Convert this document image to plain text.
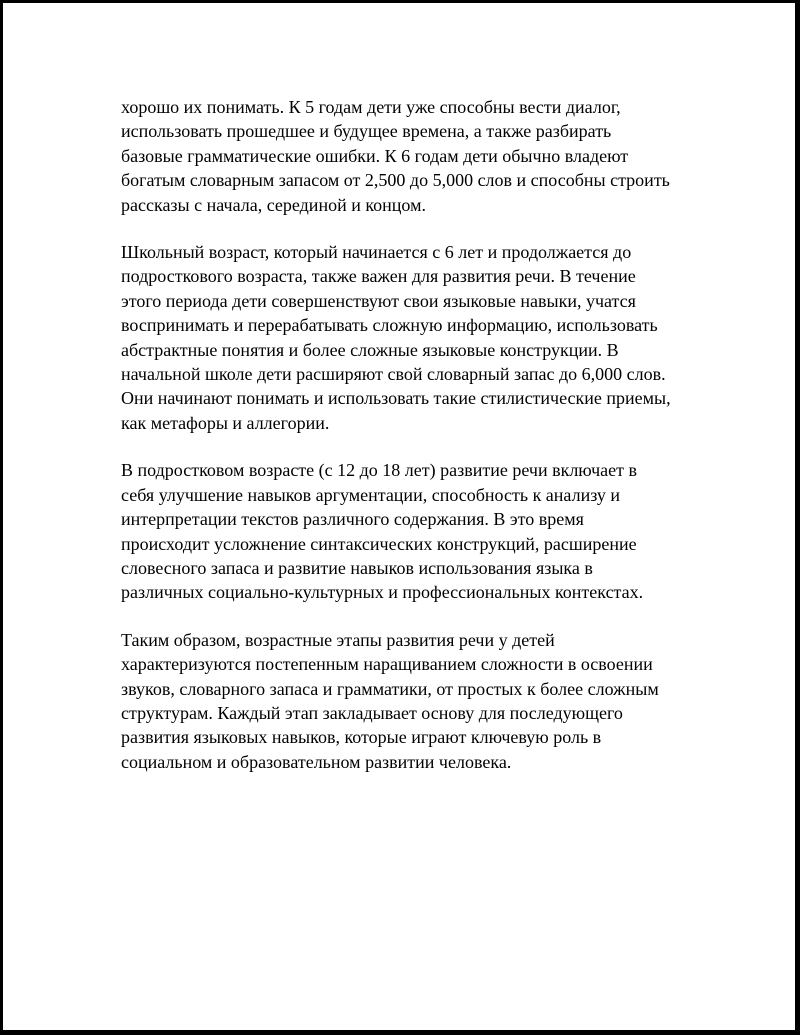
хорошо их понимать. К 5 годам дети уже способны вести диалог,
использовать прошедшее и будущее времена, а также разбирать
базовые грамматические ошибки. К 6 годам дети обычно владеют
богатым словарным запасом от 2,500 до 5,000 слов и способны строить
рассказы с начала, серединой и концом.

Школьный возраст, который начинается с 6 лет и продолжается до
подросткового возраста, также важен для развития речи. В течение
этого периода дети совершенствуют свои языковые навыки, учатся
воспринимать и перерабатывать сложную информацию, использовать
абстрактные понятия и более сложные языковые конструкции. В
начальной школе дети расширяют свой словарный запас до 6,000 слов.
Они начинают понимать и использовать такие стилистические приемы,
как метафоры и аллегории.

В подростковом возрасте (с 12 до 18 лет) развитие речи включает в
себя улучшение навыков аргументации, способность к анализу и
интерпретации текстов различного содержания. В это время
происходит усложнение синтаксических конструкций, расширение
словесного запаса и развитие навыков использования языка в
различных социально-культурных и профессиональных контекстах.

Таким образом, возрастные этапы развития речи у детей
характеризуются постепенным наращиванием сложности в освоении
звуков, словарного запаса и грамматики, от простых к более сложным
структурам. Каждый этап закладывает основу для последующего
развития языковых навыков, которые играют ключевую роль в
социальном и образовательном развитии человека.
